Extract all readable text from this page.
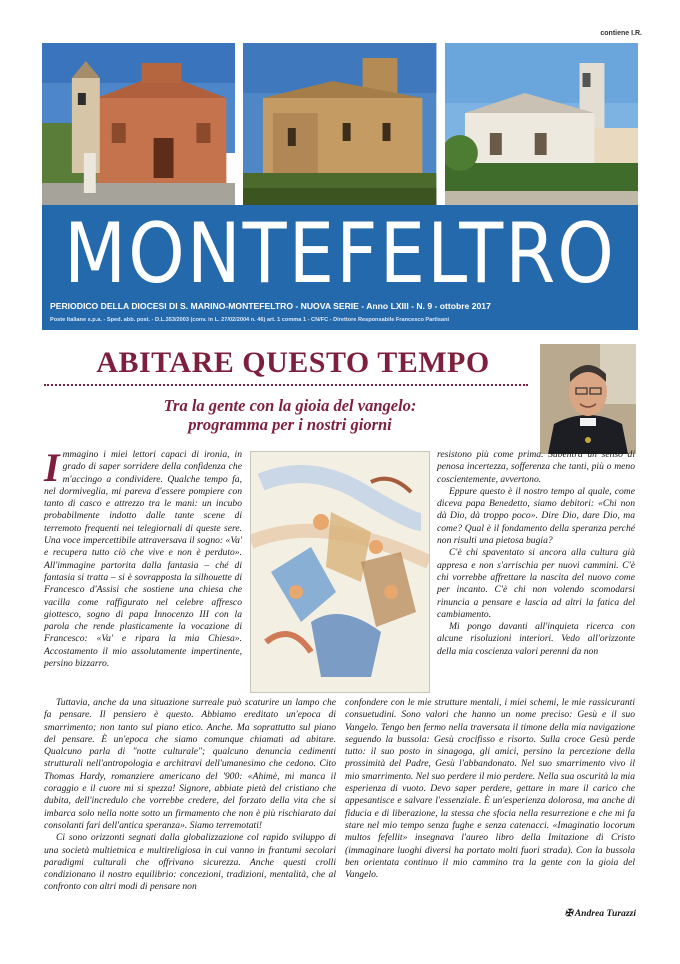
contiene I.R.
MONTEFELTRO
PERIODICO DELLA DIOCESI DI S. MARINO-MONTEFELTRO - NUOVA SERIE - Anno LXIII - N. 9 - ottobre 2017
Poste Italiane s.p.a. - Sped. abb. post. - D.L.353/2003 (conv. in L. 27/02/2004 n. 46) art. 1 comma 1 - CN/FC - Direttore Responsabile Francesco Partisani
ABITARE QUESTO TEMPO
Tra la gente con la gioia del vangelo:
programma per i nostri giorni

Immagino i miei lettori capaci di ironia, in grado di saper sorridere della confidenza che m'accingo a condividere. Qualche tempo fa, nel dormiveglia, mi pareva d'essere pompiere con tanto di casco e attrezzo tra le mani: un incubo probabilmente indotto dalle tante scene di terremoto frequenti nei telegiornali di queste sere. Una voce impercettibile attraversava il sogno: «Va' e recupera tutto ciò che vive e non è perduto». All'immagine partorita dalla fantasia – ché di fantasia si tratta – si è sovrapposta la silhouette di Francesco d'Assisi che sostiene una chiesa che vacilla come raffigurato nel celebre affresco giottesco, sogno di papa Innocenzo III con la parola che rende plasticamente la vocazione di Francesco: «Va' e ripara la mia Chiesa». Accostamento il mio assolutamente impertinente, persino bizzarro.

resistono più come prima. Subentra un senso di penosa incertezza, sofferenza che tanti, più o meno coscientemente, avvertono.

Eppure questo è il nostro tempo al quale, come diceva papa Benedetto, siamo debitori: «Chi non dà Dio, dà troppo poco». Dire Dio, dare Dio, ma come? Qual è il fondamento della speranza perché non risulti una pietosa bugia?

C'è chi spaventato si ancora alla cultura già appresa e non s'arrischia per nuovi cammini. C'è chi vorrebbe affrettare la nascita del nuovo come per incanto. C'è chi non volendo scomodarsi rinuncia a pensare e lascia ad altri la fatica del cambiamento.

Mi pongo davanti all'inquieta ricerca con alcune risoluzioni interiori. Vedo all'orizzonte della mia coscienza valori perenni da non

Tuttavia, anche da una situazione surreale può scaturire un lampo che fa pensare. Il pensiero è questo. Abbiamo ereditato un'epoca di smarrimento; non tanto sul piano etico. Anche. Ma soprattutto sul piano del pensare. È un'epoca che siamo comunque chiamati ad abitare. Qualcuno parla di "notte culturale"; qualcuno denuncia cedimenti strutturali nell'antropologia e architravi dell'umanesimo che cedono. Cito Thomas Hardy, romanziere americano del '900: «Ahimè, mi manca il coraggio e il cuore mi si spezza! Signore, abbiate pietà del cristiano che dubita, dell'incredulo che vorrebbe credere, del forzato della vita che si imbarca solo nella notte sotto un firmamento che non è più rischiarato dai consolanti fari dell'antica speranza». Siamo terremotati!

Ci sono orizzonti segnati dalla globalizzazione col rapido sviluppo di una società multietnica e multireligiosa in cui vanno in frantumi secolari paradigmi culturali che offrivano sicurezza. Anche questi crolli condizionano il nostro equilibrio: concezioni, tradizioni, mentalità, che al confronto con altri modi di pensare non

confondere con le mie strutture mentali, i miei schemi, le mie rassicuranti consuetudini. Sono valori che hanno un nome preciso: Gesù e il suo Vangelo. Tengo ben fermo nella traversata il timone della mia navigazione seguendo la bussola: Gesù crocifisso e risorto. Sulla croce Gesù perde tutto: il suo posto in sinagoga, gli amici, persino la percezione della prossimità del Padre, Gesù l'abbandonato. Nel suo smarrimento vivo il mio smarrimento. Nel suo perdere il mio perdere. Nella sua oscurità la mia esperienza di vuoto. Devo saper perdere, gettare in mare il carico che appesantisce e salvare l'essenziale. È un'esperienza dolorosa, ma anche di fiducia e di liberazione, la stessa che sfocia nella resurrezione e che mi fa stare nel mio tempo senza fughe e senza catenacci. «Imaginatio locorum multos fefellit» insegnava l'aureo libro della Imitazione di Cristo (immaginare luoghi diversi ha portato molti fuori strada). Con la bussola ben orientata continuo il mio cammino tra la gente con la gioia del Vangelo.

✠ Andrea Turazzi
